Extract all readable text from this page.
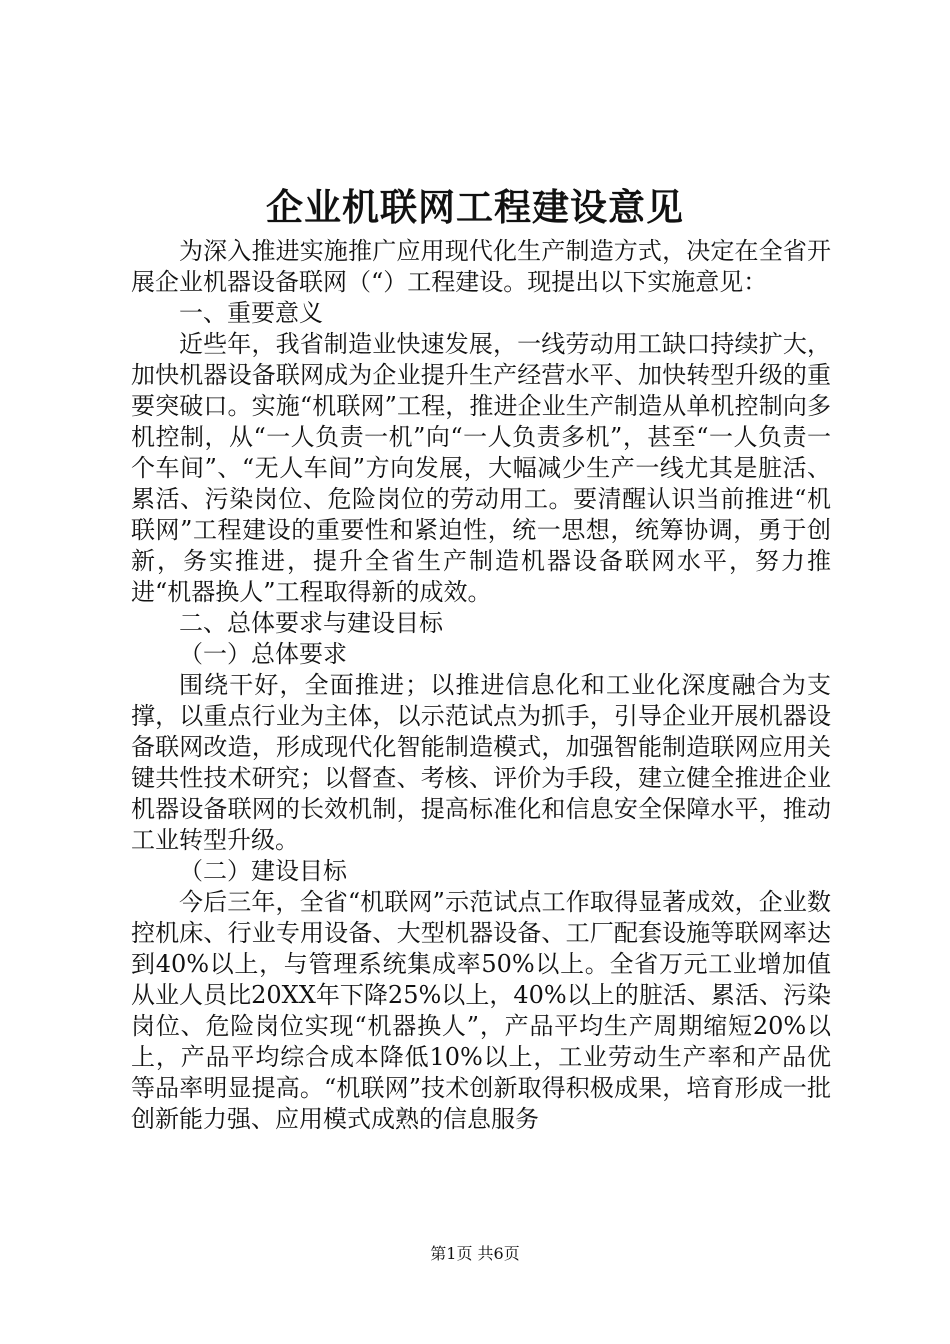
企业机联网工程建设意见

为深入推进实施推广应用现代化生产制造方式，决定在全省开展企业机器设备联网（“）工程建设。现提出以下实施意见：

一、重要意义

近些年，我省制造业快速发展，一线劳动用工缺口持续扩大，加快机器设备联网成为企业提升生产经营水平、加快转型升级的重要突破口。实施“机联网”工程，推进企业生产制造从单机控制向多机控制，从“一人负责一机”向“一人负责多机”，甚至“一人负责一个车间”、“无人车间”方向发展，大幅减少生产一线尤其是脏活、累活、污染岗位、危险岗位的劳动用工。要清醒认识当前推进“机联网”工程建设的重要性和紧迫性，统一思想，统筹协调，勇于创新，务实推进，提升全省生产制造机器设备联网水平，努力推进“机器换人”工程取得新的成效。

二、总体要求与建设目标

（一）总体要求

围绕干好，全面推进；以推进信息化和工业化深度融合为支撑，以重点行业为主体，以示范试点为抓手，引导企业开展机器设备联网改造，形成现代化智能制造模式，加强智能制造联网应用关键共性技术研究；以督查、考核、评价为手段，建立健全推进企业机器设备联网的长效机制，提高标准化和信息安全保障水平，推动工业转型升级。

（二）建设目标

今后三年，全省“机联网”示范试点工作取得显著成效，企业数控机床、行业专用设备、大型机器设备、工厂配套设施等联网率达到40%以上，与管理系统集成率50%以上。全省万元工业增加值从业人员比20XX年下降25%以上，40%以上的脏活、累活、污染岗位、危险岗位实现“机器换人”，产品平均生产周期缩短20%以上，产品平均综合成本降低10%以上，工业劳动生产率和产品优等品率明显提高。“机联网”技术创新取得积极成果，培育形成一批创新能力强、应用模式成熟的信息服务

第1页 共6页
